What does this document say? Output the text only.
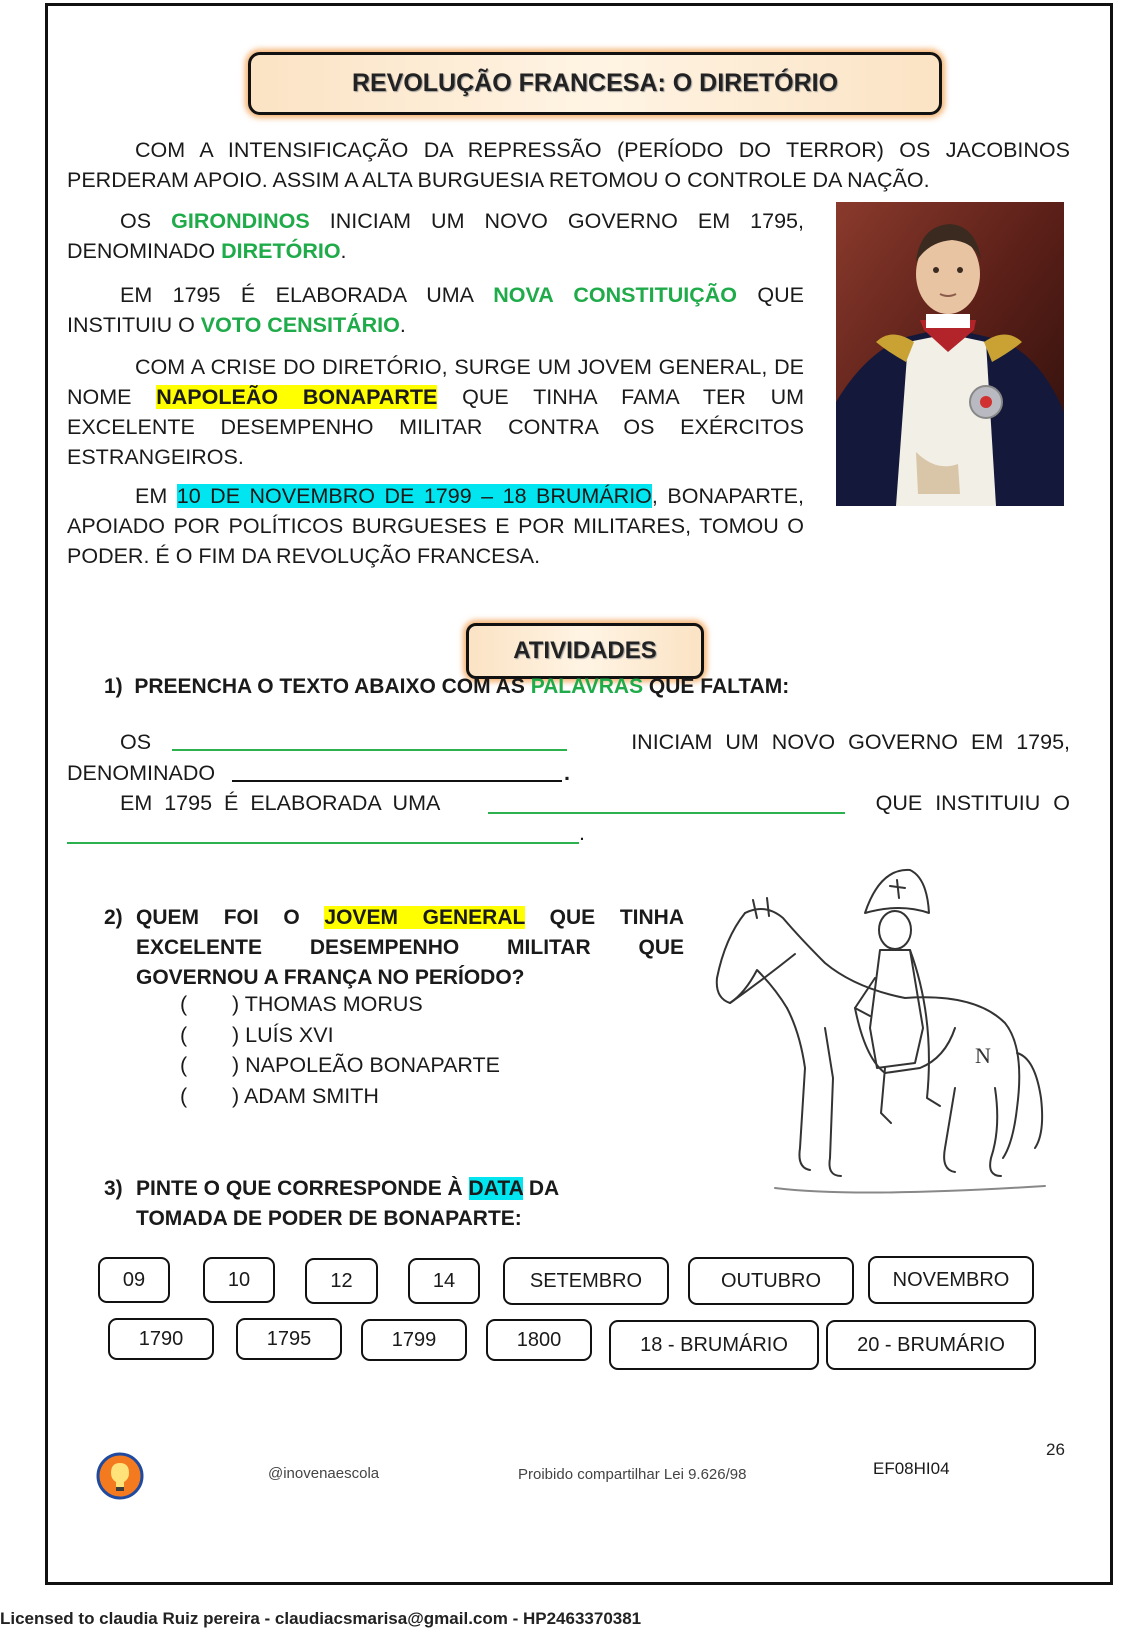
REVOLUÇÃO FRANCESA: O DIRETÓRIO

COM A INTENSIFICAÇÃO DA REPRESSÃO (PERÍODO DO TERROR) OS JACOBINOS PERDERAM APOIO. ASSIM A ALTA BURGUESIA RETOMOU O CONTROLE DA NAÇÃO.

OS GIRONDINOS INICIAM UM NOVO GOVERNO EM 1795, DENOMINADO DIRETÓRIO.

EM 1795 É ELABORADA UMA NOVA CONSTITUIÇÃO QUE INSTITUIU O VOTO CENSITÁRIO.

COM A CRISE DO DIRETÓRIO, SURGE UM JOVEM GENERAL, DE NOME NAPOLEÃO BONAPARTE QUE TINHA FAMA TER UM EXCELENTE DESEMPENHO MILITAR CONTRA OS EXÉRCITOS ESTRANGEIROS.

EM 10 DE NOVEMBRO DE 1799 – 18 BRUMÁRIO, BONAPARTE, APOIADO POR POLÍTICOS BURGUESES E POR MILITARES, TOMOU O PODER. É O FIM DA REVOLUÇÃO FRANCESA.

ATIVIDADES
1) PREENCHA O TEXTO ABAIXO COM AS PALAVRAS QUE FALTAM:
OS	INICIAM UM NOVO GOVERNO EM 1795,
DENOMINADO	.
EM 1795 É ELABORADA UMA	QUE INSTITUIU O
.
2) QUEM FOI O JOVEM GENERAL QUE TINHA EXCELENTE DESEMPENHO MILITAR QUE GOVERNOU A FRANÇA NO PERÍODO?
( ) THOMAS MORUS
( ) LUÍS XVI
( ) NAPOLEÃO BONAPARTE
( ) ADAM SMITH
N
3) PINTE O QUE CORRESPONDE À DATA DA TOMADA DE PODER DE BONAPARTE:
09	10	12	14	SETEMBRO	OUTUBRO	NOVEMBRO
1790	1795	1799	1800	18 - BRUMÁRIO	20 - BRUMÁRIO
@inovenaescola	Proibido compartilhar Lei 9.626/98	EF08HI04
26
Licensed to claudia Ruiz pereira - claudiacsmarisa@gmail.com - HP2463370381
